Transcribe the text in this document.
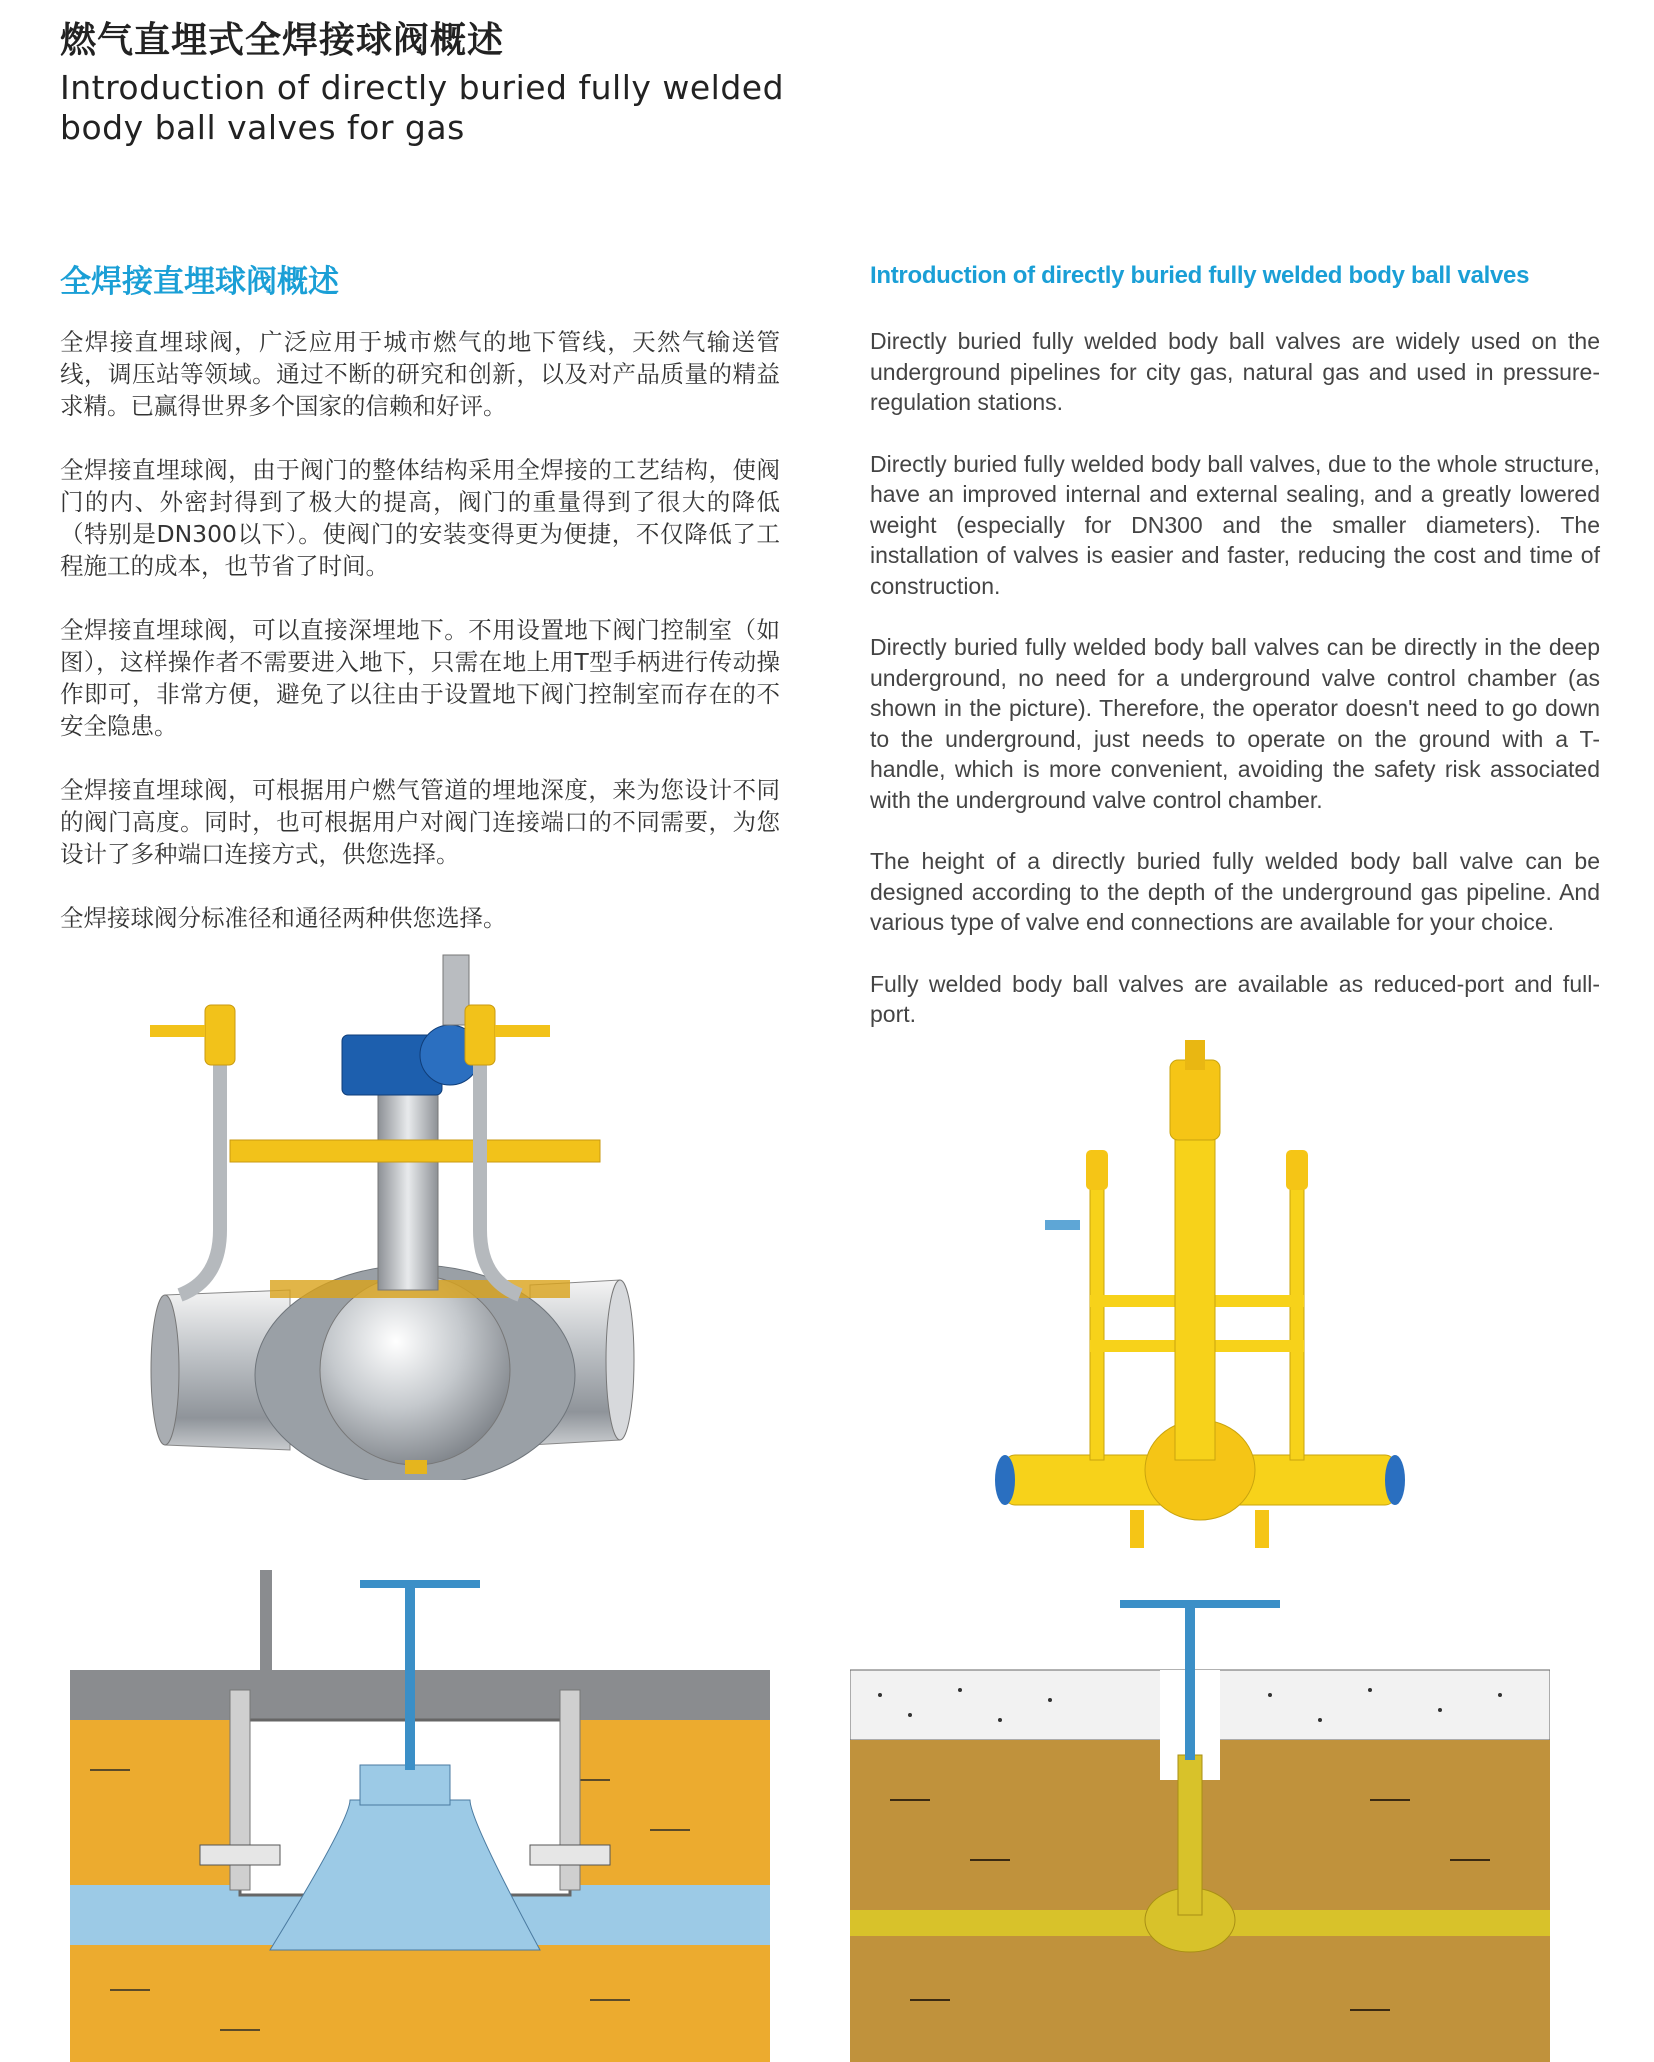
燃气直埋式全焊接球阀概述
Introduction of directly buried fully welded body ball valves for gas
全焊接直埋球阀概述	Introduction of directly buried fully welded body ball valves

全焊接直埋球阀，广泛应用于城市燃气的地下管线，天然气输送管线，调压站等领域。通过不断的研究和创新，以及对产品质量的精益求精。已赢得世界多个国家的信赖和好评。

全焊接直埋球阀，由于阀门的整体结构采用全焊接的工艺结构，使阀门的内、外密封得到了极大的提高，阀门的重量得到了很大的降低（特别是DN300以下）。使阀门的安装变得更为便捷，不仅降低了工程施工的成本，也节省了时间。

全焊接直埋球阀，可以直接深埋地下。不用设置地下阀门控制室（如图），这样操作者不需要进入地下，只需在地上用T型手柄进行传动操作即可，非常方便，避免了以往由于设置地下阀门控制室而存在的不安全隐患。

全焊接直埋球阀，可根据用户燃气管道的埋地深度，来为您设计不同的阀门高度。同时，也可根据用户对阀门连接端口的不同需要，为您设计了多种端口连接方式，供您选择。

全焊接球阀分标准径和通径两种供您选择。

Directly buried fully welded body ball valves are widely used on the underground pipelines for city gas, natural gas and used in pressure-regulation stations.

Directly buried fully welded body ball valves, due to the whole structure, have an improved internal and external sealing, and a greatly lowered weight (especially for DN300 and the smaller diameters). The installation of valves is easier and faster, reducing the cost and time of construction.

Directly buried fully welded body ball valves can be directly in the deep underground, no need for a underground valve control chamber (as shown in the picture). Therefore, the operator doesn't need to go down to the underground, just needs to operate on the ground with a T-handle, which is more convenient, avoiding the safety risk associated with the underground valve control chamber.

The height of a directly buried fully welded body ball valve can be designed according to the depth of the underground gas pipeline. And various type of valve end connections are available for your choice.

Fully welded body ball valves are available as reduced-port and full-port.
